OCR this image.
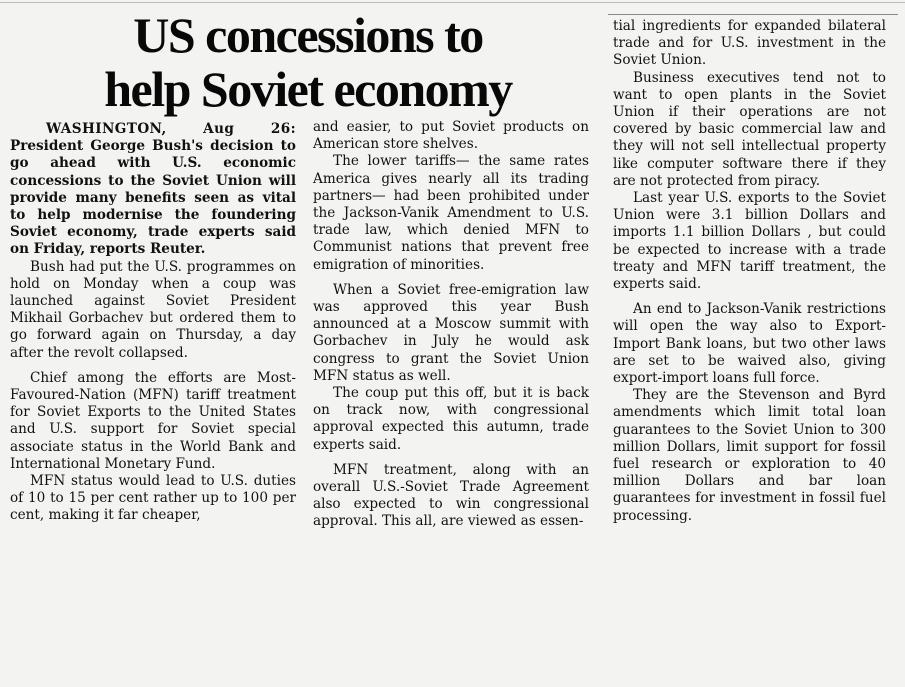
US concessions to
help Soviet economy

WASHINGTON, Aug 26: President George Bush's decision to go ahead with U.S. economic concessions to the Soviet Union will provide many benefits seen as vital to help modernise the foundering Soviet economy, trade experts said on Friday, reports Reuter.

Bush had put the U.S. programmes on hold on Monday when a coup was launched against Soviet President Mikhail Gorbachev but ordered them to go forward again on Thursday, a day after the revolt collapsed.

Chief among the efforts are Most-Favoured-Nation (MFN) tariff treatment for Soviet Exports to the United States and U.S. support for Soviet special associate status in the World Bank and International Monetary Fund.

MFN status would lead to U.S. duties of 10 to 15 per cent rather up to 100 per cent, making it far cheaper,

and easier, to put Soviet products on American store shelves.

The lower tariffs— the same rates America gives nearly all its trading partners— had been prohibited under the Jackson-Vanik Amendment to U.S. trade law, which denied MFN to Communist nations that prevent free emigration of minorities.

When a Soviet free-emigration law was approved this year Bush announced at a Moscow summit with Gorbachev in July he would ask congress to grant the Soviet Union MFN status as well.

The coup put this off, but it is back on track now, with congressional approval expected this autumn, trade experts said.

MFN treatment, along with an overall U.S.-Soviet Trade Agreement also expected to win congressional approval. This all, are viewed as essen-

tial ingredients for expanded bilateral trade and for U.S. investment in the Soviet Union.

Business executives tend not to want to open plants in the Soviet Union if their operations are not covered by basic commercial law and they will not sell intellectual property like computer software there if they are not protected from piracy.

Last year U.S. exports to the Soviet Union were 3.1 billion Dollars and imports 1.1 billion Dollars , but could be expected to increase with a trade treaty and MFN tariff treatment, the experts said.

An end to Jackson-Vanik restrictions will open the way also to Export-Import Bank loans, but two other laws are set to be waived also, giving export-import loans full force.

They are the Stevenson and Byrd amendments which limit total loan guarantees to the Soviet Union to 300 million Dollars, limit support for fossil fuel research or exploration to 40 million Dollars and bar loan guarantees for investment in fossil fuel processing.
